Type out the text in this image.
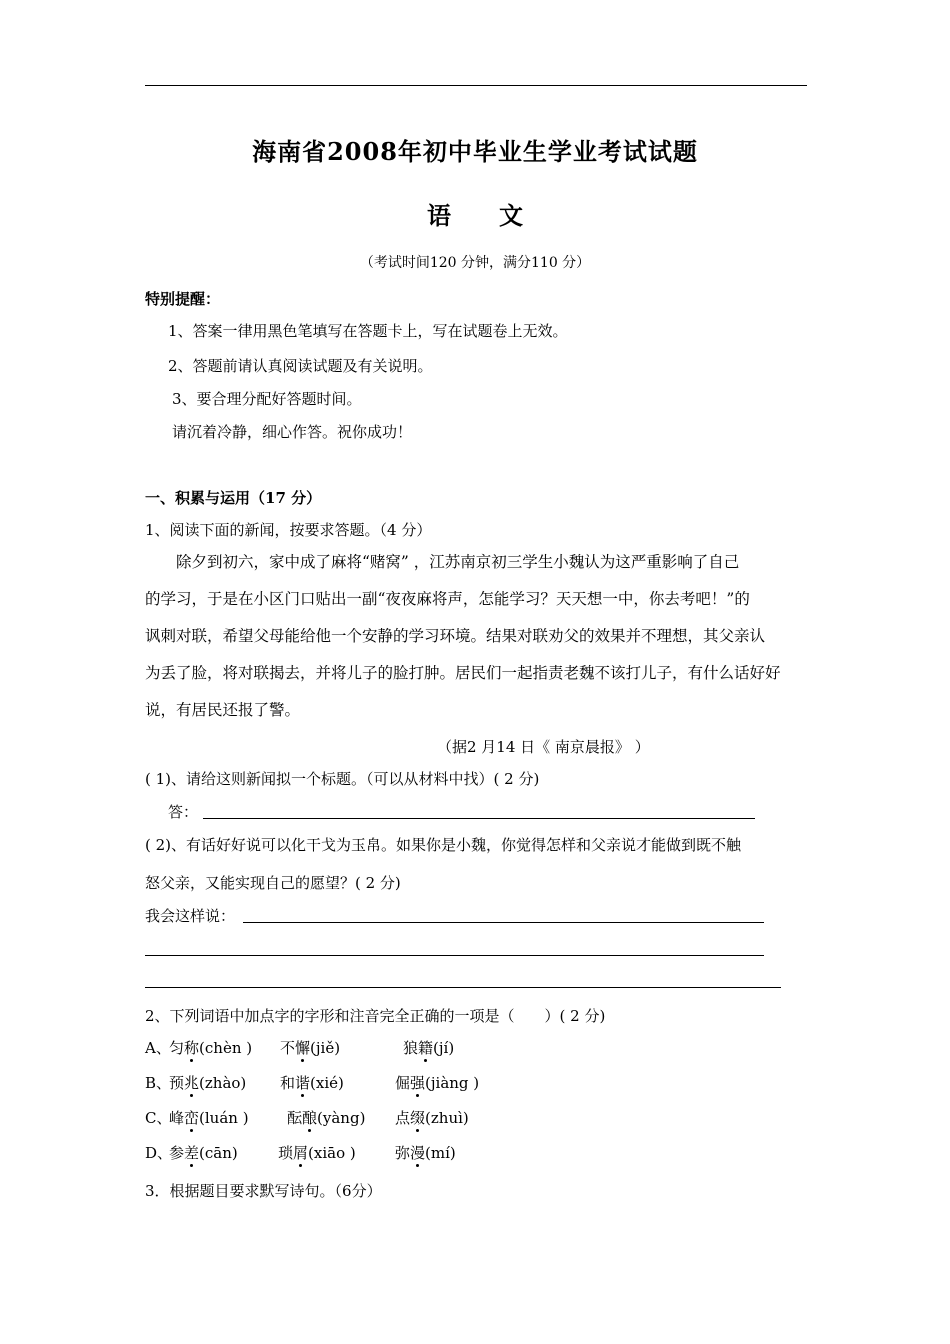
海南省2008年初中毕业生学业考试试题
语 文
（考试时间120 分钟，满分110 分）
特别提醒：
1、答案一律用黑色笔填写在答题卡上，写在试题卷上无效。
2、答题前请认真阅读试题及有关说明。
3、要合理分配好答题时间。
请沉着冷静，细心作答。祝你成功！
一、积累与运用（17 分）
1、阅读下面的新闻，按要求答题。（4 分）
除夕到初六，家中成了麻将“赌窝” ，江苏南京初三学生小魏认为这严重影响了自己
的学习，于是在小区门口贴出一副“夜夜麻将声，怎能学习？天天想一中，你去考吧！”的
讽刺对联，希望父母能给他一个安静的学习环境。结果对联劝父的效果并不理想，其父亲认
为丢了脸，将对联揭去，并将儿子的脸打肿。居民们一起指责老魏不该打儿子，有什么话好好
说，有居民还报了警。
（据2 月14 日《 南京晨报》 ）
( 1)、请给这则新闻拟一个标题。（可以从材料中找）( 2 分)
答：
( 2)、有话好好说可以化干戈为玉帛。如果你是小魏，你觉得怎样和父亲说才能做到既不触
怒父亲，又能实现自己的愿望？( 2 分)
我会这样说：
2、下列词语中加点字的字形和注音完全正确的一项是（　　）( 2 分)
A、
匀称(chèn ) 不懈(jiě)	狼籍(jí)
B、
预兆(zhào) 和谐(xié)	倔强(jiàng )
C、
峰峦(luán )	酝酿(yàng) 点缀(zhuì)
D、
参差(cān)	琐屑(xiāo )	弥漫(mí)
3．根据题目要求默写诗句。（6分）
